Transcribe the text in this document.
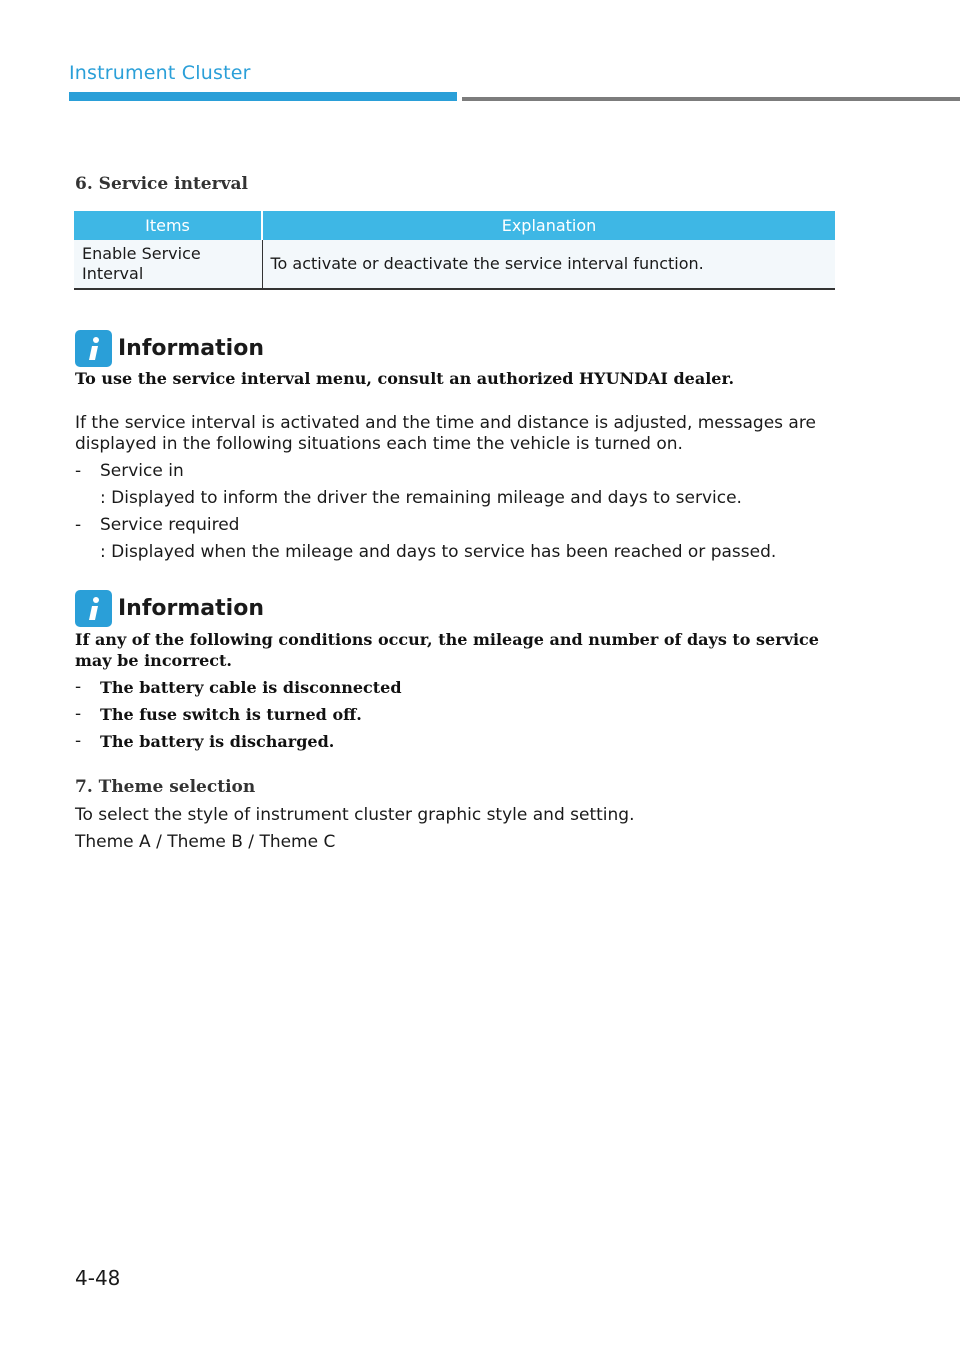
Instrument Cluster
6. Service interval
Items	Explanation
Enable Service Interval	To activate or deactivate the service interval function.
Information
To use the service interval menu, consult an authorized HYUNDAI dealer.
If the service interval is activated and the time and distance is adjusted, messages are displayed in the following situations each time the vehicle is turned on.
- Service in
: Displayed to inform the driver the remaining mileage and days to service.
- Service required
: Displayed when the mileage and days to service has been reached or passed.
Information
If any of the following conditions occur, the mileage and number of days to service may be incorrect.
- The battery cable is disconnected
- The fuse switch is turned off.
- The battery is discharged.
7. Theme selection
To select the style of instrument cluster graphic style and setting.
Theme A / Theme B / Theme C
4-48
